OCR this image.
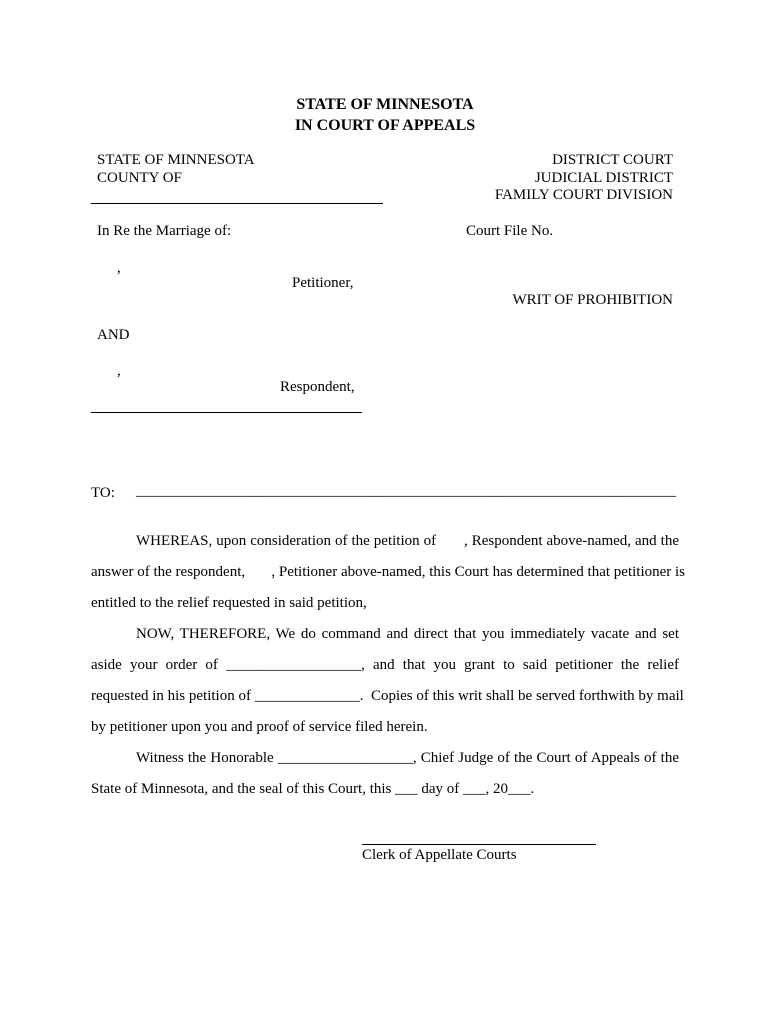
STATE OF MINNESOTA
IN COURT OF APPEALS
STATE OF MINNESOTA
COUNTY OF
DISTRICT COURT
JUDICIAL DISTRICT
FAMILY COURT DIVISION
In Re the Marriage of:	Court File No.
,
Petitioner,
WRIT OF PROHIBITION
AND
,
Respondent,
TO: ________________________________________________________________________
WHEREAS, upon consideration of the petition of       , Respondent above-named, and the
answer of the respondent,       , Petitioner above-named, this Court has determined that petitioner is
entitled to the relief requested in said petition,
NOW, THEREFORE, We do command and direct that you immediately vacate and set
aside your order of __________________, and that you grant to said petitioner the relief
requested in his petition of ______________.  Copies of this writ shall be served forthwith by mail
by petitioner upon you and proof of service filed herein.
Witness the Honorable __________________, Chief Judge of the Court of Appeals of the
State of Minnesota, and the seal of this Court, this ___ day of ___, 20___.
Clerk of Appellate Courts
